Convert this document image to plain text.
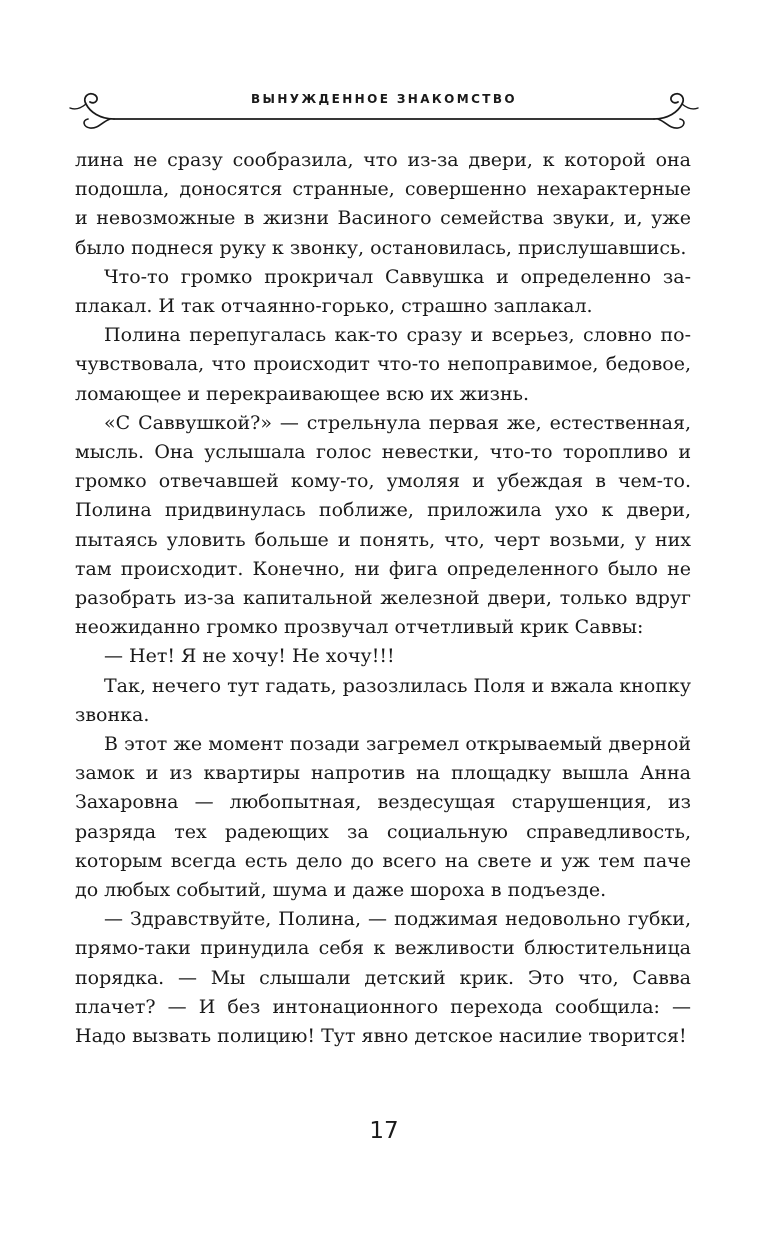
ВЫНУЖДЕННОЕ ЗНАКОМСТВО

лина не сразу сообразила, что из-за двери, к которой она подошла, доносятся странные, совершенно нехарактерные и невозможные в жизни Васиного семейства звуки, и, уже было поднеся руку к звонку, остановилась, прислушавшись.

Что-то громко прокричал Саввушка и определенно заплакал. И так отчаянно-горько, страшно заплакал.

Полина перепугалась как-то сразу и всерьез, словно почувствовала, что происходит что-то непоправимое, бедовое, ломающее и перекраивающее всю их жизнь.

«С Саввушкой?» — стрельнула первая же, естественная, мысль. Она услышала голос невестки, что-то торопливо и громко отвечавшей кому-то, умоляя и убеждая в чем-то. Полина придвинулась поближе, приложила ухо к двери, пытаясь уловить больше и понять, что, черт возьми, у них там происходит. Конечно, ни фига определенного было не разобрать из-за капитальной железной двери, только вдруг неожиданно громко прозвучал отчетливый крик Саввы:

— Нет! Я не хочу! Не хочу!!!

Так, нечего тут гадать, разозлилась Поля и вжала кнопку звонка.

В этот же момент позади загремел открываемый дверной замок и из квартиры напротив на площадку вышла Анна Захаровна — любопытная, вездесущая старушенция, из разряда тех радеющих за социальную справедливость, которым всегда есть дело до всего на свете и уж тем паче до любых событий, шума и даже шороха в подъезде.

— Здравствуйте, Полина, — поджимая недовольно губки, прямо-таки принудила себя к вежливости блюстительница порядка. — Мы слышали детский крик. Это что, Савва плачет? — И без интонационного перехода сообщила: — Надо вызвать полицию! Тут явно детское насилие творится!

17
